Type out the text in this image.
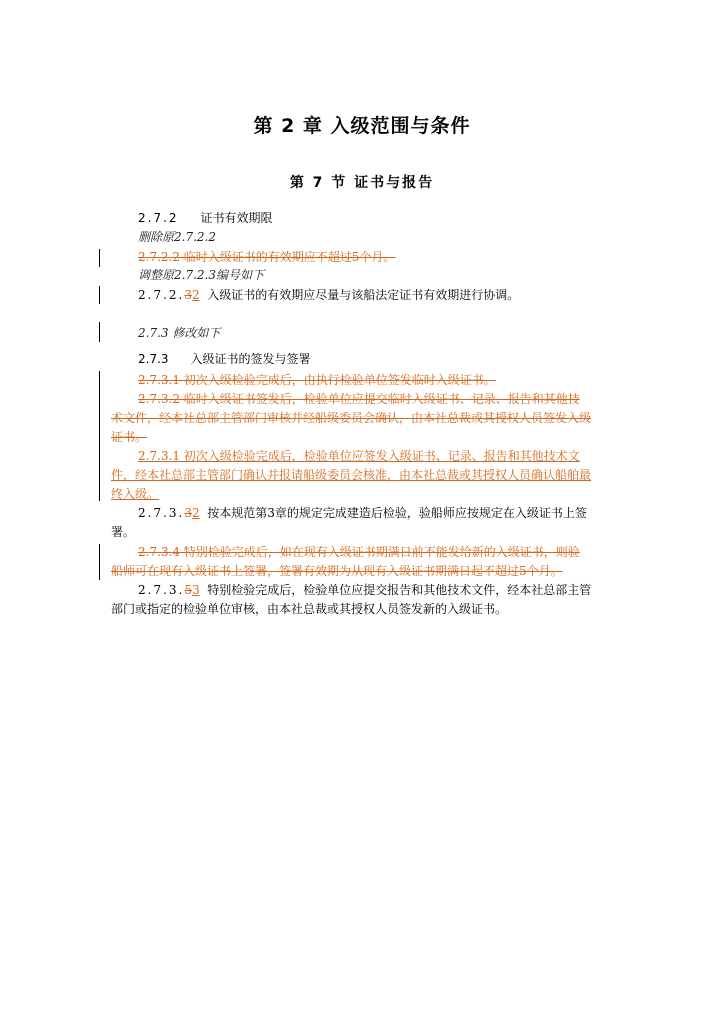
第 2 章 入级范围与条件
第 7 节 证书与报告
2.7.2 证书有效期限
删除原2.7.2.2
2.7.2.2 临时入级证书的有效期应不超过5个月。
调整原2.7.2.3编号如下
2.7.2.32 入级证书的有效期应尽量与该船法定证书有效期进行协调。
2.7.3 修改如下
2.7.3 入级证书的签发与签署
2.7.3.1 初次入级检验完成后，由执行检验单位签发临时入级证书。
2.7.3.2 临时入级证书签发后，检验单位应提交临时入级证书、记录、报告和其他技
术文件，经本社总部主管部门审核并经船级委员会确认，由本社总裁或其授权人员签发入级
证书。
2.7.3.1 初次入级检验完成后，检验单位应签发入级证书、记录、报告和其他技术文
件，经本社总部主管部门确认并报请船级委员会核准，由本社总裁或其授权人员确认船舶最
终入级。
2.7.3.32 按本规范第3章的规定完成建造后检验，验船师应按规定在入级证书上签
署。
2.7.3.4 特别检验完成后，如在现有入级证书期满日前不能发给新的入级证书，则验
船师可在现有入级证书上签署，签署有效期为从现有入级证书期满日起不超过5个月。
2.7.3.53 特别检验完成后，检验单位应提交报告和其他技术文件，经本社总部主管
部门或指定的检验单位审核，由本社总裁或其授权人员签发新的入级证书。
